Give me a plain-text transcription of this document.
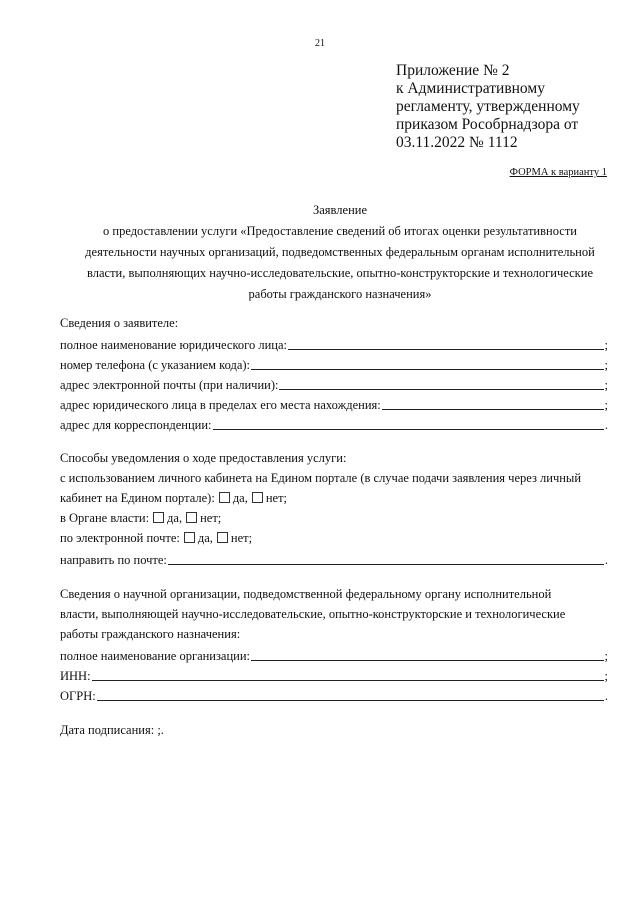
21
Приложение № 2
к Административному
регламенту, утвержденному
приказом Рособрнадзора от
03.11.2022 № 1112
ФОРМА к варианту 1
Заявление
о предоставлении услуги «Предоставление сведений об итогах оценки результативности
деятельности научных организаций, подведомственных федеральным органам исполнительной
власти, выполняющих научно-исследовательские, опытно-конструкторские и технологические
работы гражданского назначения»
Сведения о заявителе:
полное наименование юридического лица:	;
номер телефона (с указанием кода):	;
адрес электронной почты (при наличии):	;
адрес юридического лица в пределах его места нахождения:	;
адрес для корреспонденции:	.
Способы уведомления о ходе предоставления услуги:
с использованием личного кабинета на Едином портале (в случае подачи заявления через личный
кабинет на Едином портале): да, нет;
в Органе власти: да, нет;
по электронной почте: да, нет;
направить по почте:	.
Сведения о научной организации, подведомственной федеральному органу исполнительной
власти, выполняющей научно-исследовательские, опытно-конструкторские и технологические
работы гражданского назначения:
полное наименование организации:	;
ИНН:	;
ОГРН:	.
Дата подписания: ;.
